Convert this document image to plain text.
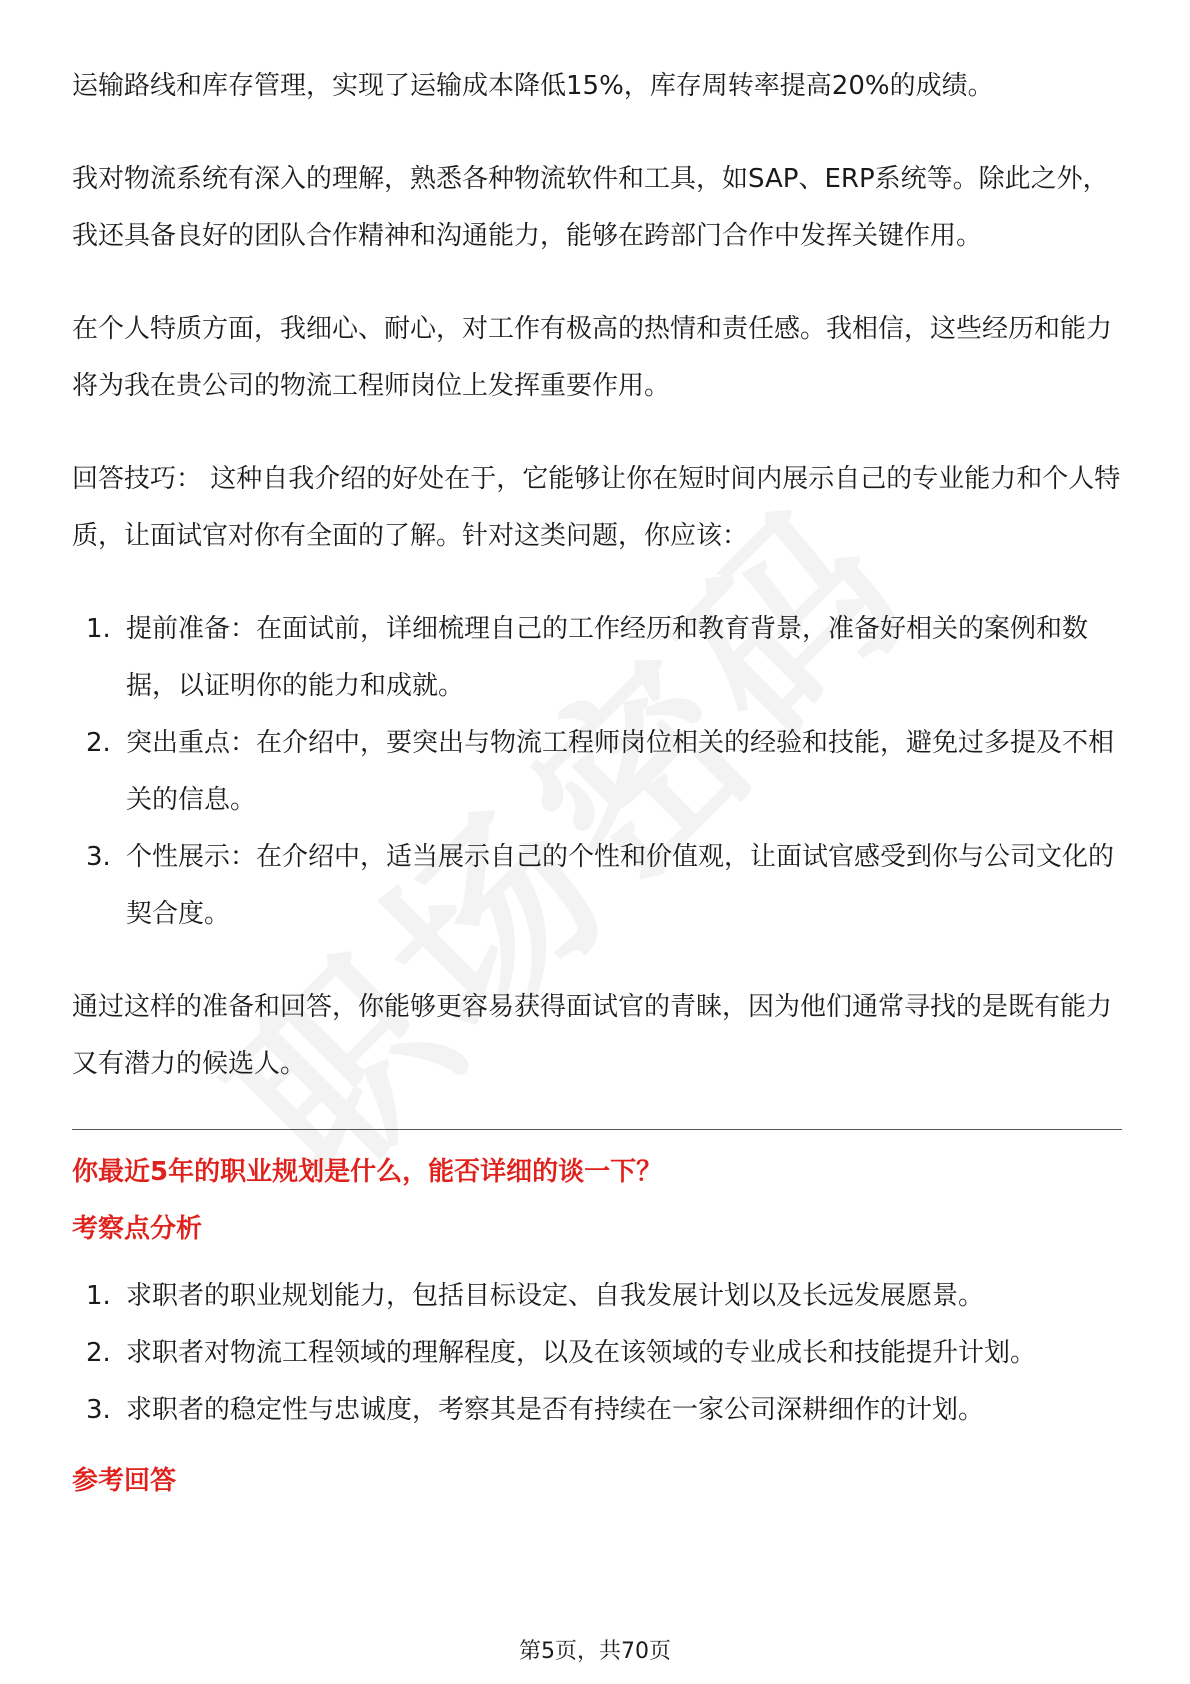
运输路线和库存管理，实现了运输成本降低15%，库存周转率提高20%的成绩。

我对物流系统有深入的理解，熟悉各种物流软件和工具，如SAP、ERP系统等。除此之外，我还具备良好的团队合作精神和沟通能力，能够在跨部门合作中发挥关键作用。

在个人特质方面，我细心、耐心，对工作有极高的热情和责任感。我相信，这些经历和能力将为我在贵公司的物流工程师岗位上发挥重要作用。

回答技巧： 这种自我介绍的好处在于，它能够让你在短时间内展示自己的专业能力和个人特质，让面试官对你有全面的了解。针对这类问题，你应该：

1. 提前准备：在面试前，详细梳理自己的工作经历和教育背景，准备好相关的案例和数据，以证明你的能力和成就。
2. 突出重点：在介绍中，要突出与物流工程师岗位相关的经验和技能，避免过多提及不相关的信息。
3. 个性展示：在介绍中，适当展示自己的个性和价值观，让面试官感受到你与公司文化的契合度。

通过这样的准备和回答，你能够更容易获得面试官的青睐，因为他们通常寻找的是既有能力又有潜力的候选人。

你最近5年的职业规划是什么，能否详细的谈一下？
考察点分析
1. 求职者的职业规划能力，包括目标设定、自我发展计划以及长远发展愿景。
2. 求职者对物流工程领域的理解程度，以及在该领域的专业成长和技能提升计划。
3. 求职者的稳定性与忠诚度，考察其是否有持续在一家公司深耕细作的计划。
参考回答
第5页，共70页
